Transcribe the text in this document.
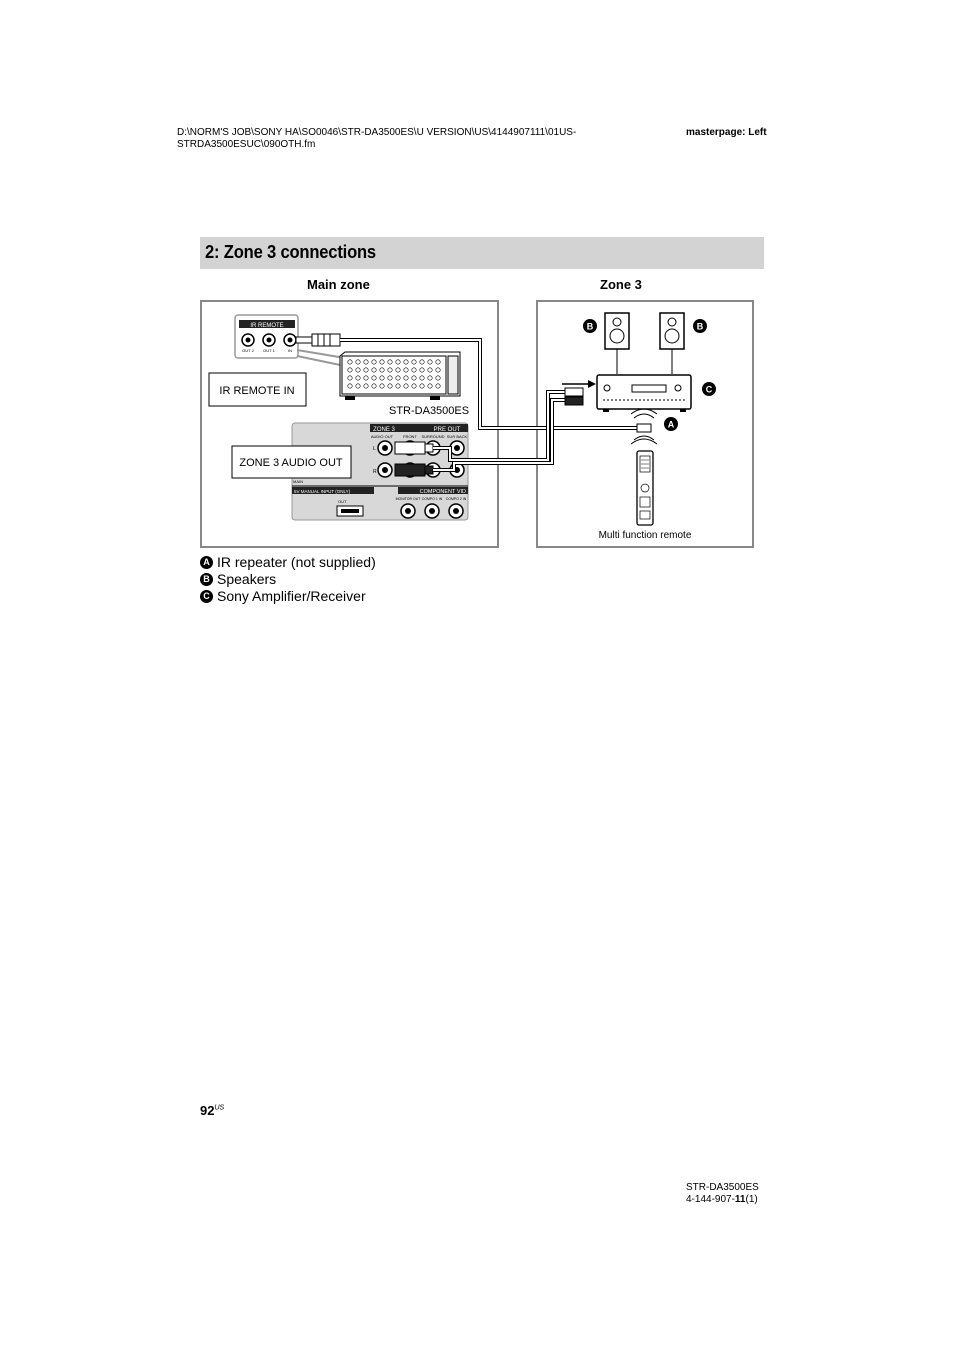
D:\NORM'S JOB\SONY HA\SO0046\STR-DA3500ES\U VERSION\US\4144907111\01US-
STRDA3500ESUC\090OTH.fm
masterpage: Left
2: Zone 3 connections
Main zone	Zone 3
IR REMOTE
OUT 2 OUT 1	IN
STR-DA3500ES
IR REMOTE IN
ZONE 3
AUDIO OUT
PRE OUT
FRONT SURROUND SUR BACK
L
R
MAIN
5V MANUAL INPUT (ONLY)
OUT
COMPONENT VID
MONITOR OUT COMPO 1 IN COMPO 2 IN
ZONE 3 AUDIO OUT
Multi function remote
B	B
C
A
A IR repeater (not supplied)
B Speakers
C Sony Amplifier/Receiver
$92^{US}$
STR-DA3500ES
4-144-907-11(1)
